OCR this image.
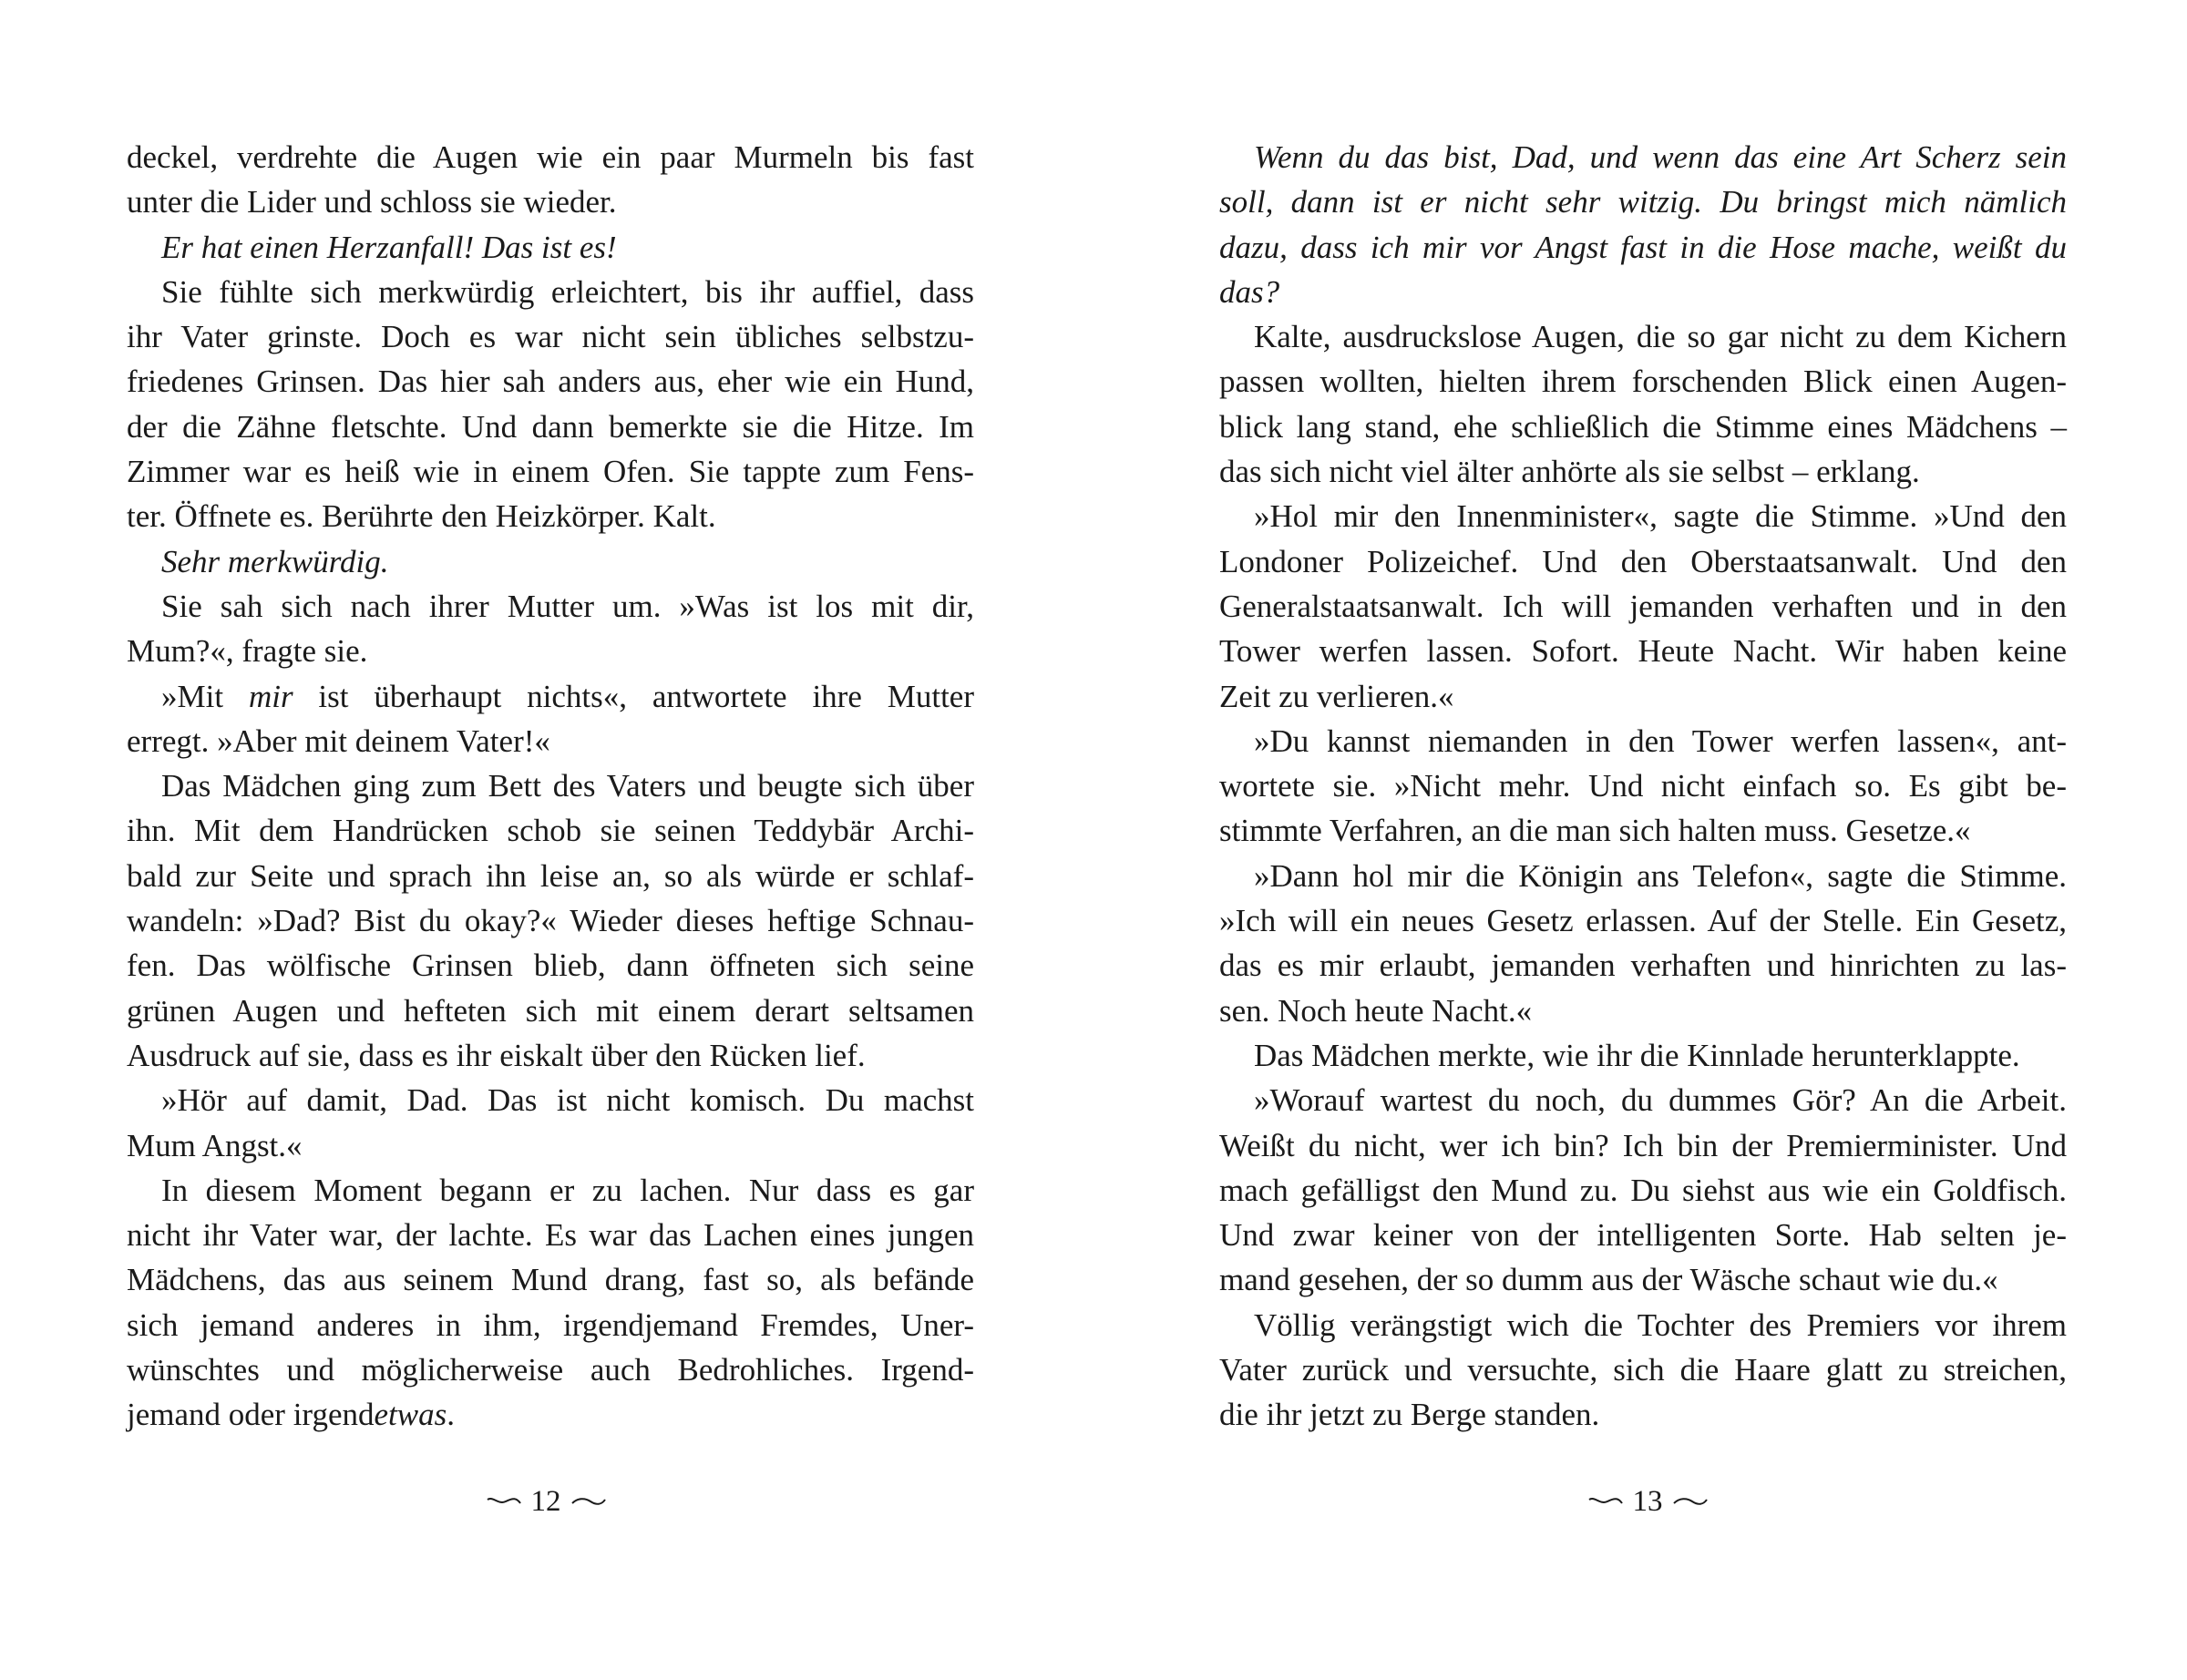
deckel, verdrehte die Augen wie ein paar Murmeln bis fast
unter die Lider und schloss sie wieder.
Er hat einen Herzanfall! Das ist es!
Sie fühlte sich merkwürdig erleichtert, bis ihr auffiel, dass
ihr Vater grinste. Doch es war nicht sein übliches selbstzu-
friedenes Grinsen. Das hier sah anders aus, eher wie ein Hund,
der die Zähne fletschte. Und dann bemerkte sie die Hitze. Im
Zimmer war es heiß wie in einem Ofen. Sie tappte zum Fens-
ter. Öffnete es. Berührte den Heizkörper. Kalt.
Sehr merkwürdig.
Sie sah sich nach ihrer Mutter um. »Was ist los mit dir,
Mum?«, fragte sie.
»Mit mir ist überhaupt nichts«, antwortete ihre Mutter
erregt. »Aber mit deinem Vater!«
Das Mädchen ging zum Bett des Vaters und beugte sich über
ihn. Mit dem Handrücken schob sie seinen Teddybär Archi-
bald zur Seite und sprach ihn leise an, so als würde er schlaf-
wandeln: »Dad? Bist du okay?« Wieder dieses heftige Schnau-
fen. Das wölfische Grinsen blieb, dann öffneten sich seine
grünen Augen und hefteten sich mit einem derart seltsamen
Ausdruck auf sie, dass es ihr eiskalt über den Rücken lief.
»Hör auf damit, Dad. Das ist nicht komisch. Du machst
Mum Angst.«
In diesem Moment begann er zu lachen. Nur dass es gar
nicht ihr Vater war, der lachte. Es war das Lachen eines jungen
Mädchens, das aus seinem Mund drang, fast so, als befände
sich jemand anderes in ihm, irgendjemand Fremdes, Uner-
wünschtes und möglicherweise auch Bedrohliches. Irgend-
jemand oder irgendetwas.
12
Wenn du das bist, Dad, und wenn das eine Art Scherz sein
soll, dann ist er nicht sehr witzig. Du bringst mich nämlich
dazu, dass ich mir vor Angst fast in die Hose mache, weißt du
das?
Kalte, ausdruckslose Augen, die so gar nicht zu dem Kichern
passen wollten, hielten ihrem forschenden Blick einen Augen-
blick lang stand, ehe schließlich die Stimme eines Mädchens –
das sich nicht viel älter anhörte als sie selbst – erklang.
»Hol mir den Innenminister«, sagte die Stimme. »Und den
Londoner Polizeichef. Und den Oberstaatsanwalt. Und den
Generalstaatsanwalt. Ich will jemanden verhaften und in den
Tower werfen lassen. Sofort. Heute Nacht. Wir haben keine
Zeit zu verlieren.«
»Du kannst niemanden in den Tower werfen lassen«, ant-
wortete sie. »Nicht mehr. Und nicht einfach so. Es gibt be-
stimmte Verfahren, an die man sich halten muss. Gesetze.«
»Dann hol mir die Königin ans Telefon«, sagte die Stimme.
»Ich will ein neues Gesetz erlassen. Auf der Stelle. Ein Gesetz,
das es mir erlaubt, jemanden verhaften und hinrichten zu las-
sen. Noch heute Nacht.«
Das Mädchen merkte, wie ihr die Kinnlade herunterklappte.
»Worauf wartest du noch, du dummes Gör? An die Arbeit.
Weißt du nicht, wer ich bin? Ich bin der Premierminister. Und
mach gefälligst den Mund zu. Du siehst aus wie ein Goldfisch.
Und zwar keiner von der intelligenten Sorte. Hab selten je-
mand gesehen, der so dumm aus der Wäsche schaut wie du.«
Völlig verängstigt wich die Tochter des Premiers vor ihrem
Vater zurück und versuchte, sich die Haare glatt zu streichen,
die ihr jetzt zu Berge standen.
13
